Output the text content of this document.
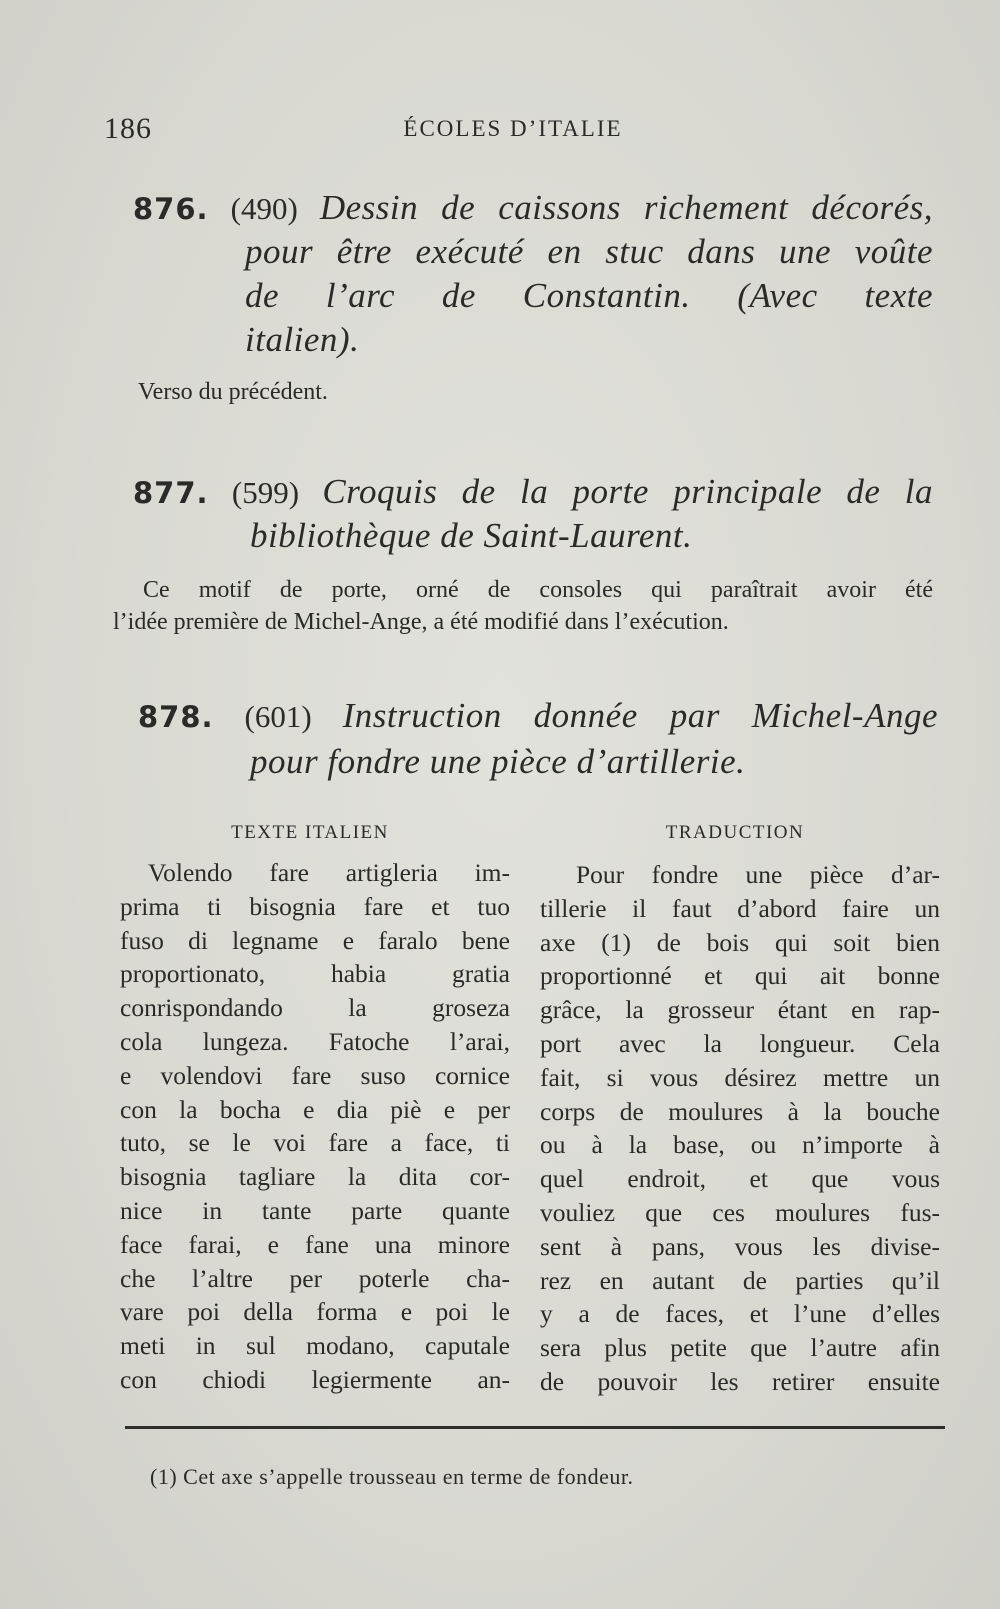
186	ÉCOLES D’ITALIE
876. (490) Dessin de caissons richement décorés,
pour être exécuté en stuc dans une voûte
de l’arc de Constantin. (Avec texte
italien).
Verso du précédent.
877. (599) Croquis de la porte principale de la
bibliothèque de Saint-Laurent.
Ce motif de porte, orné de consoles qui paraîtrait avoir été
l’idée première de Michel-Ange, a été modifié dans l’exécution.
878. (601) Instruction donnée par Michel-Ange
pour fondre une pièce d’artillerie.
TEXTE ITALIEN	TRADUCTION
Volendo fare artigleria im-
prima ti bisognia fare et tuo
fuso di legname e faralo bene
proportionato, habia gratia
conrispondando la groseza
cola lungeza. Fatoche l’arai,
e volendovi fare suso cornice
con la bocha e dia piè e per
tuto, se le voi fare a face, ti
bisognia tagliare la dita cor-
nice in tante parte quante
face farai, e fane una minore
che l’altre per poterle cha-
vare poi della forma e poi le
meti in sul modano, caputale
con chiodi legiermente an-
Pour fondre une pièce d’ar-
tillerie il faut d’abord faire un
axe (1) de bois qui soit bien
proportionné et qui ait bonne
grâce, la grosseur étant en rap-
port avec la longueur. Cela
fait, si vous désirez mettre un
corps de moulures à la bouche
ou à la base, ou n’importe à
quel endroit, et que vous
vouliez que ces moulures fus-
sent à pans, vous les divise-
rez en autant de parties qu’il
y a de faces, et l’une d’elles
sera plus petite que l’autre afin
de pouvoir les retirer ensuite
(1) Cet axe s’appelle trousseau en terme de fondeur.
